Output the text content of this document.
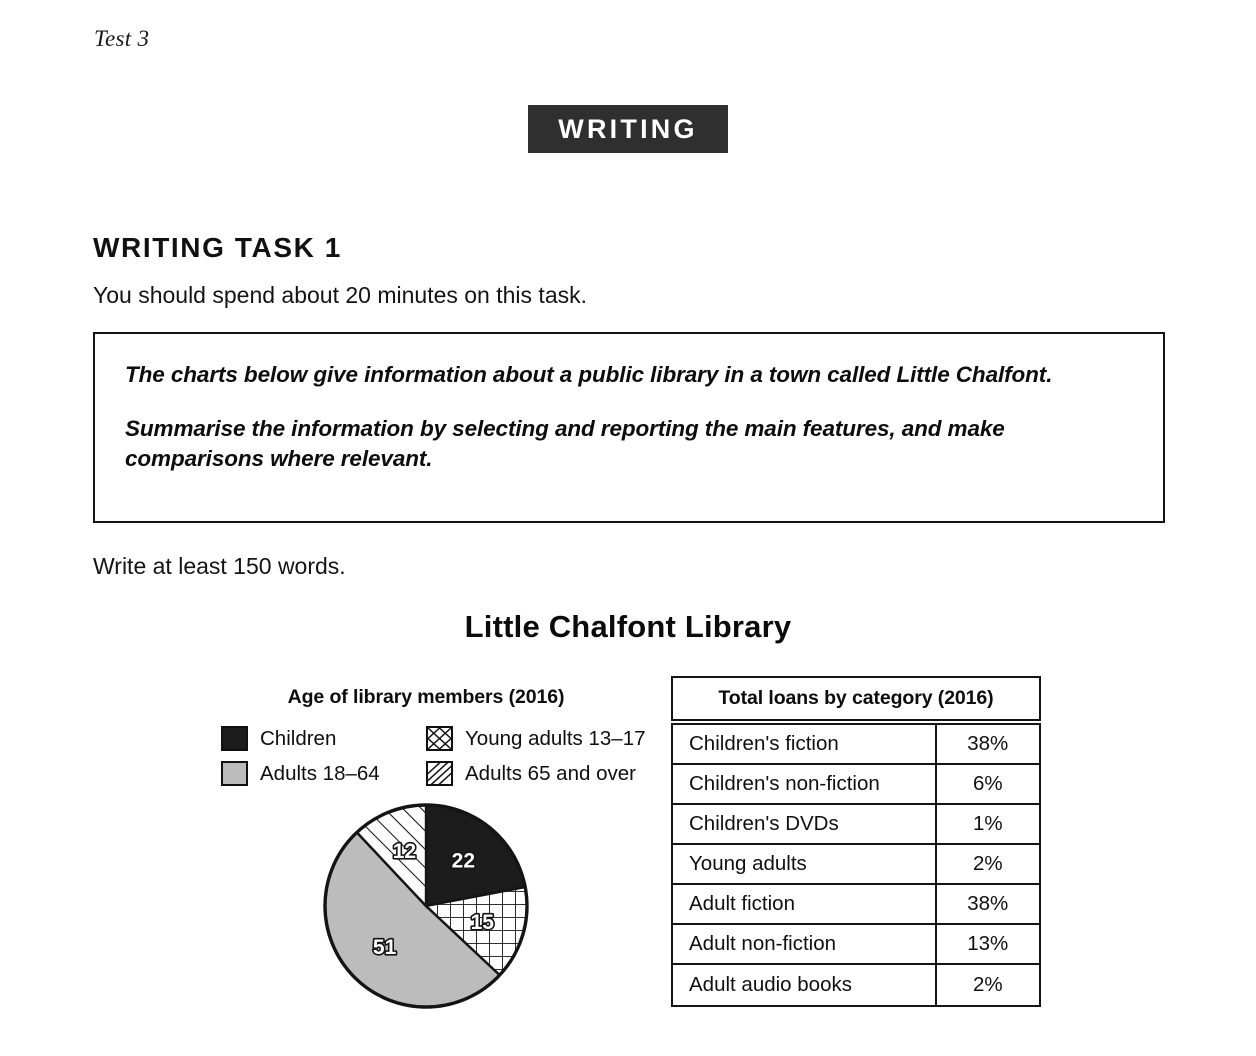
Test 3
WRITING
WRITING TASK 1
You should spend about 20 minutes on this task.
The charts below give information about a public library in a town called Little Chalfont.
Summarise the information by selecting and reporting the main features, and make comparisons where relevant.
Write at least 150 words.
Little Chalfont Library
Age of library members (2016)
Children	Young adults 13–17
Adults 18–64	Adults 65 and over
22
15
51
12
Total loans by category (2016)
Children's fiction	38%
Children's non-fiction	6%
Children's DVDs	1%
Young adults	2%
Adult fiction	38%
Adult non-fiction	13%
Adult audio books	2%
